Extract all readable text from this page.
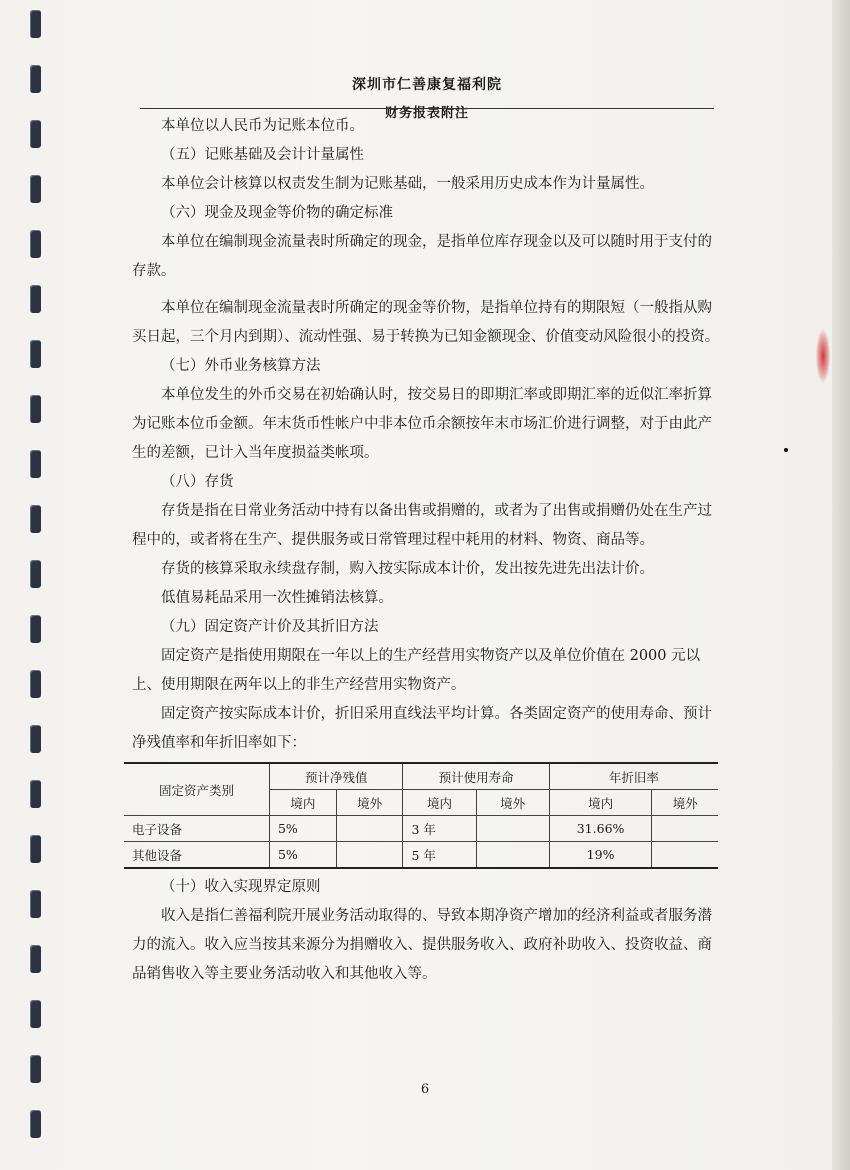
深圳市仁善康复福利院
财务报表附注

本单位以人民币为记账本位币。

（五）记账基础及会计计量属性

本单位会计核算以权责发生制为记账基础，一般采用历史成本作为计量属性。

（六）现金及现金等价物的确定标准

本单位在编制现金流量表时所确定的现金，是指单位库存现金以及可以随时用于支付的

存款。

本单位在编制现金流量表时所确定的现金等价物，是指单位持有的期限短（一般指从购

买日起，三个月内到期）、流动性强、易于转换为已知金额现金、价值变动风险很小的投资。

（七）外币业务核算方法

本单位发生的外币交易在初始确认时，按交易日的即期汇率或即期汇率的近似汇率折算

为记账本位币金额。年末货币性帐户中非本位币余额按年末市场汇价进行调整，对于由此产

生的差额，已计入当年度损益类帐项。

（八）存货

存货是指在日常业务活动中持有以备出售或捐赠的，或者为了出售或捐赠仍处在生产过

程中的，或者将在生产、提供服务或日常管理过程中耗用的材料、物资、商品等。

存货的核算采取永续盘存制，购入按实际成本计价，发出按先进先出法计价。

低值易耗品采用一次性摊销法核算。

（九）固定资产计价及其折旧方法

固定资产是指使用期限在一年以上的生产经营用实物资产以及单位价值在 2000 元以

上、使用期限在两年以上的非生产经营用实物资产。

固定资产按实际成本计价，折旧采用直线法平均计算。各类固定资产的使用寿命、预计

净残值率和年折旧率如下：

固定资产类别	预计净残值		预计使用寿命		年折旧率	
	境内	境外	境内	境外	境内	境外
电子设备	5%		3 年		31.66%	
其他设备	5%		5 年		19%	

（十）收入实现界定原则

收入是指仁善福利院开展业务活动取得的、导致本期净资产增加的经济利益或者服务潜

力的流入。收入应当按其来源分为捐赠收入、提供服务收入、政府补助收入、投资收益、商

品销售收入等主要业务活动收入和其他收入等。

6
